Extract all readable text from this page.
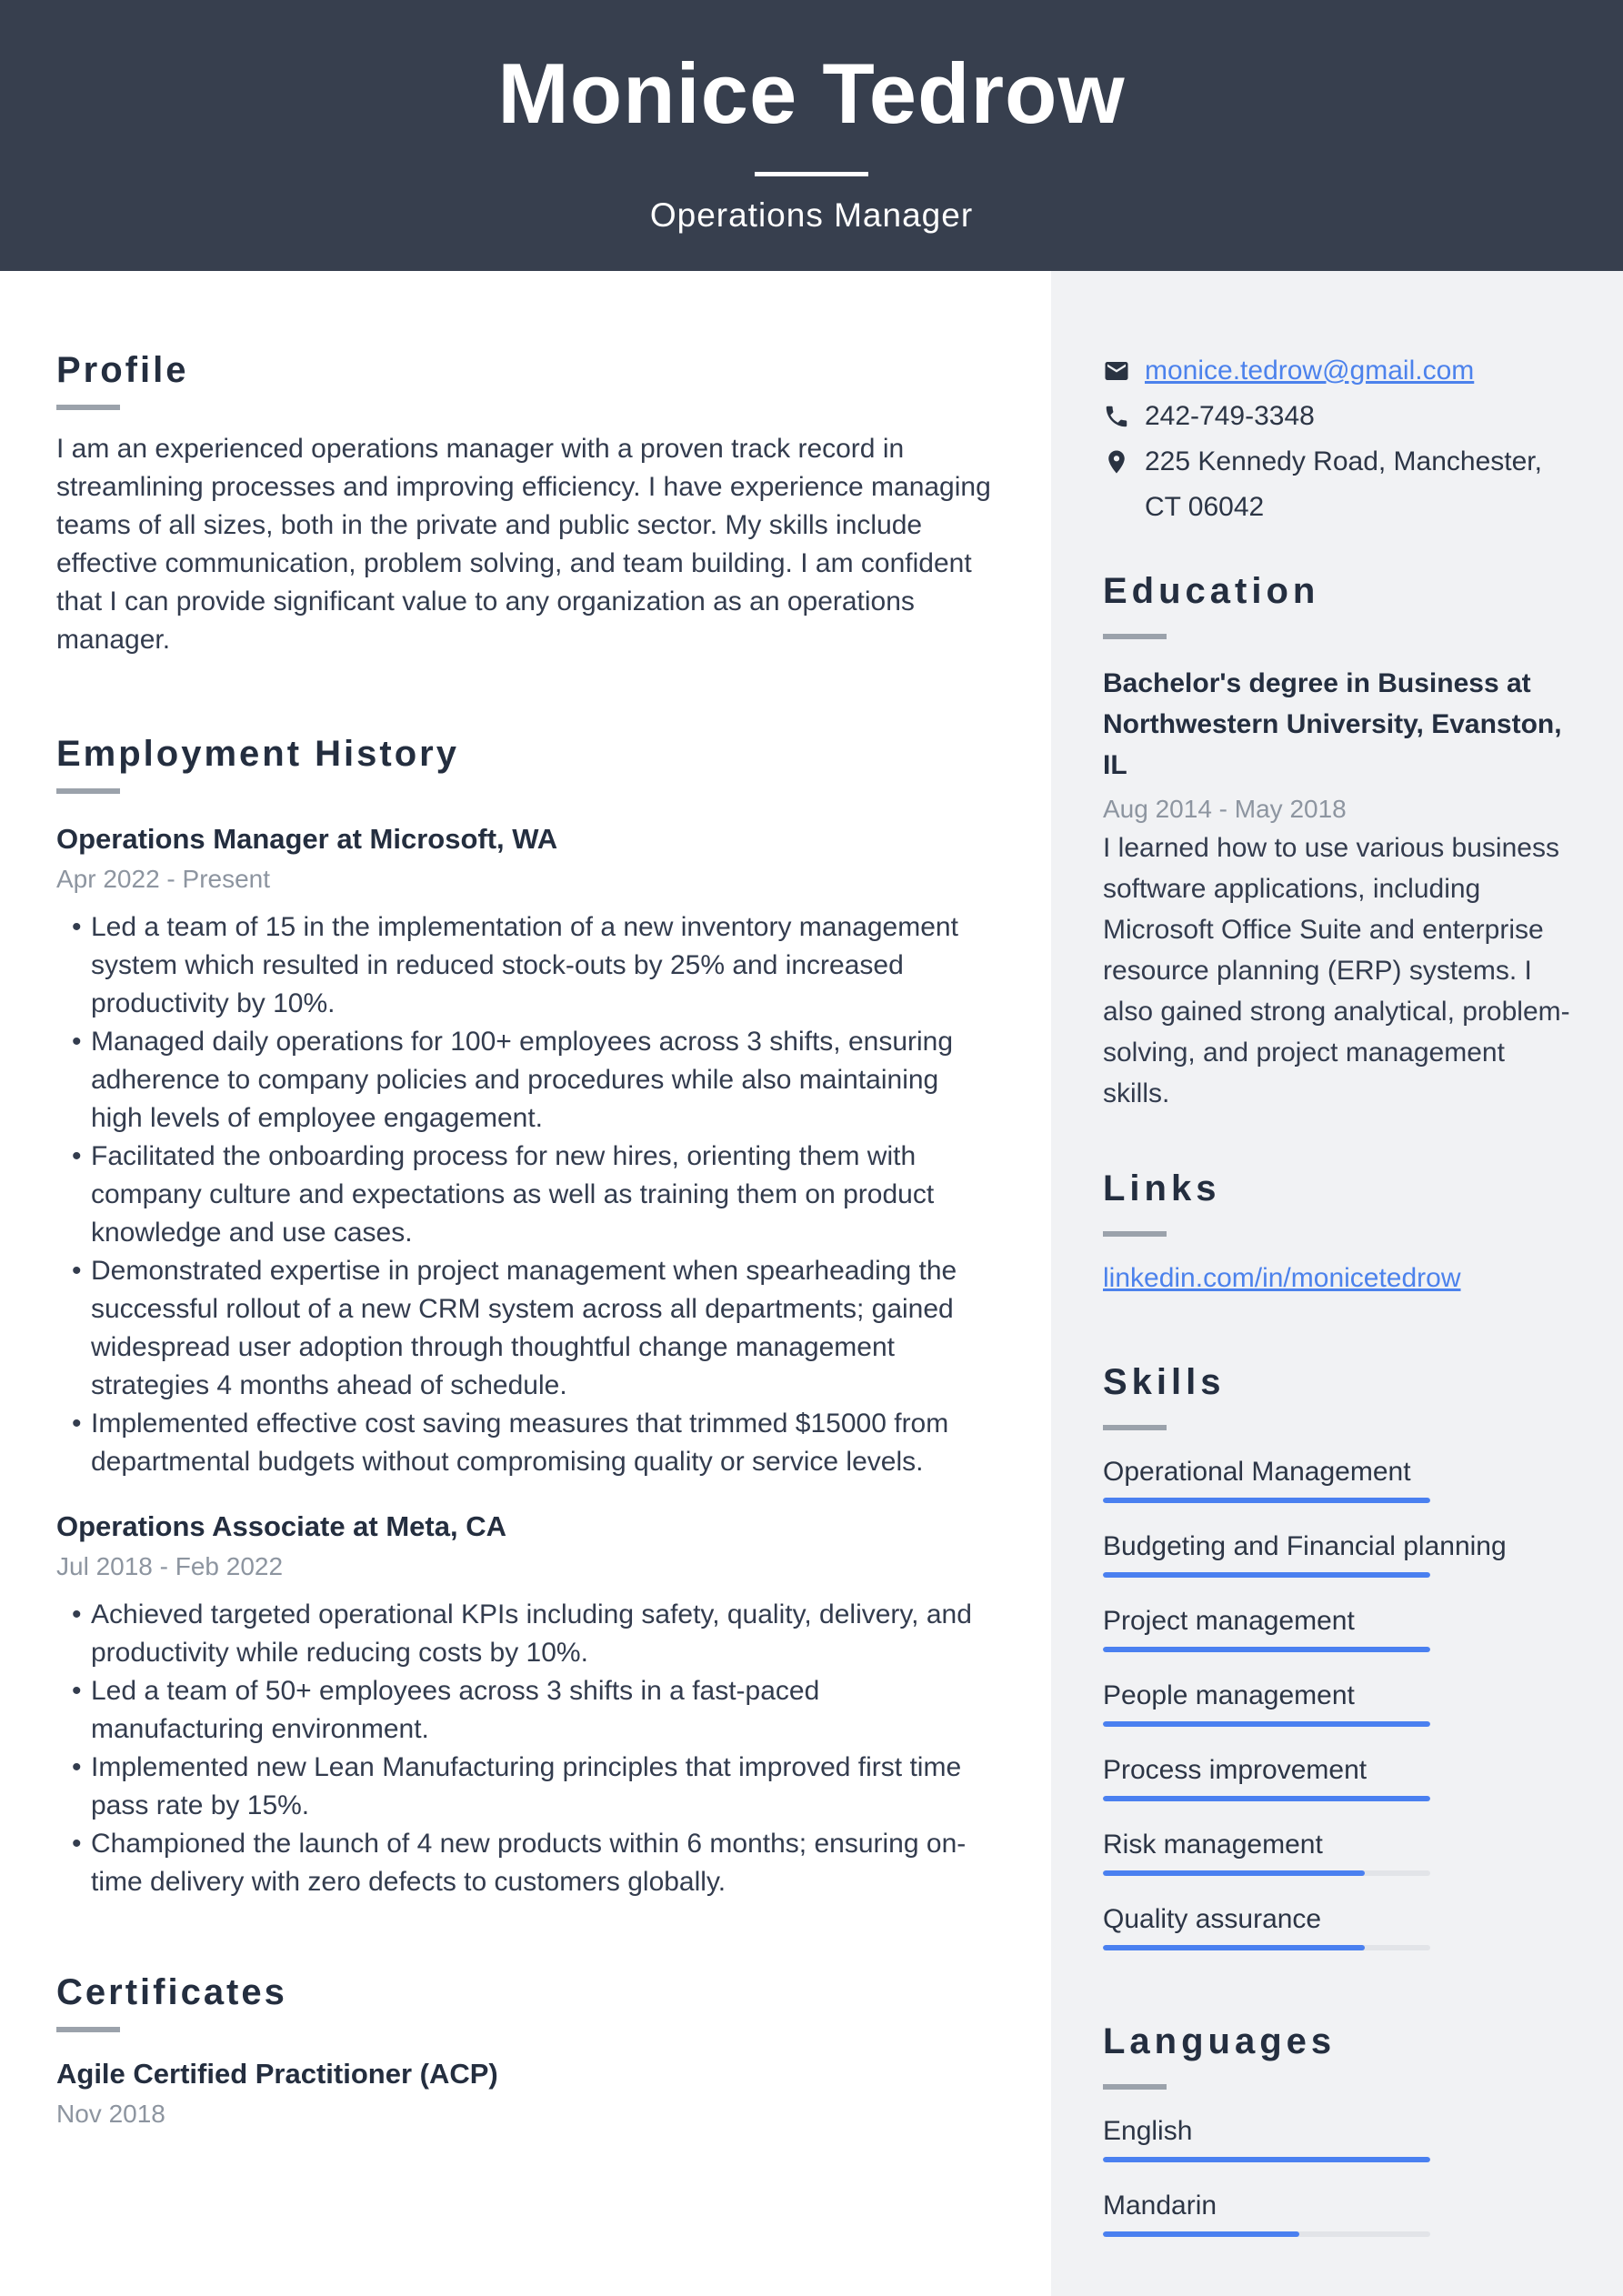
Monice Tedrow
Operations Manager
monice.tedrow@gmail.com
242-749-3348
225 Kennedy Road, Manchester, CT 06042
Education
Bachelor's degree in Business at Northwestern University, Evanston, IL
Aug 2014 - May 2018
I learned how to use various business software applications, including Microsoft Office Suite and enterprise resource planning (ERP) systems. I also gained strong analytical, problem-solving, and project management skills.
Links
linkedin.com/in/monicetedrow
Skills
Operational Management
Budgeting and Financial planning
Project management
People management
Process improvement
Risk management
Quality assurance
Languages
English
Mandarin
Profile
I am an experienced operations manager with a proven track record in streamlining processes and improving efficiency. I have experience managing teams of all sizes, both in the private and public sector. My skills include effective communication, problem solving, and team building. I am confident that I can provide significant value to any organization as an operations manager.
Employment History
Operations Manager at Microsoft, WA
Apr 2022 - Present
• Led a team of 15 in the implementation of a new inventory management system which resulted in reduced stock-outs by 25% and increased productivity by 10%.
• Managed daily operations for 100+ employees across 3 shifts, ensuring adherence to company policies and procedures while also maintaining high levels of employee engagement.
• Facilitated the onboarding process for new hires, orienting them with company culture and expectations as well as training them on product knowledge and use cases.
• Demonstrated expertise in project management when spearheading the successful rollout of a new CRM system across all departments; gained widespread user adoption through thoughtful change management strategies 4 months ahead of schedule.
• Implemented effective cost saving measures that trimmed $15000 from departmental budgets without compromising quality or service levels.
Operations Associate at Meta, CA
Jul 2018 - Feb 2022
• Achieved targeted operational KPIs including safety, quality, delivery, and productivity while reducing costs by 10%.
• Led a team of 50+ employees across 3 shifts in a fast-paced manufacturing environment.
• Implemented new Lean Manufacturing principles that improved first time pass rate by 15%.
• Championed the launch of 4 new products within 6 months; ensuring on-time delivery with zero defects to customers globally.
Certificates
Agile Certified Practitioner (ACP)
Nov 2018
